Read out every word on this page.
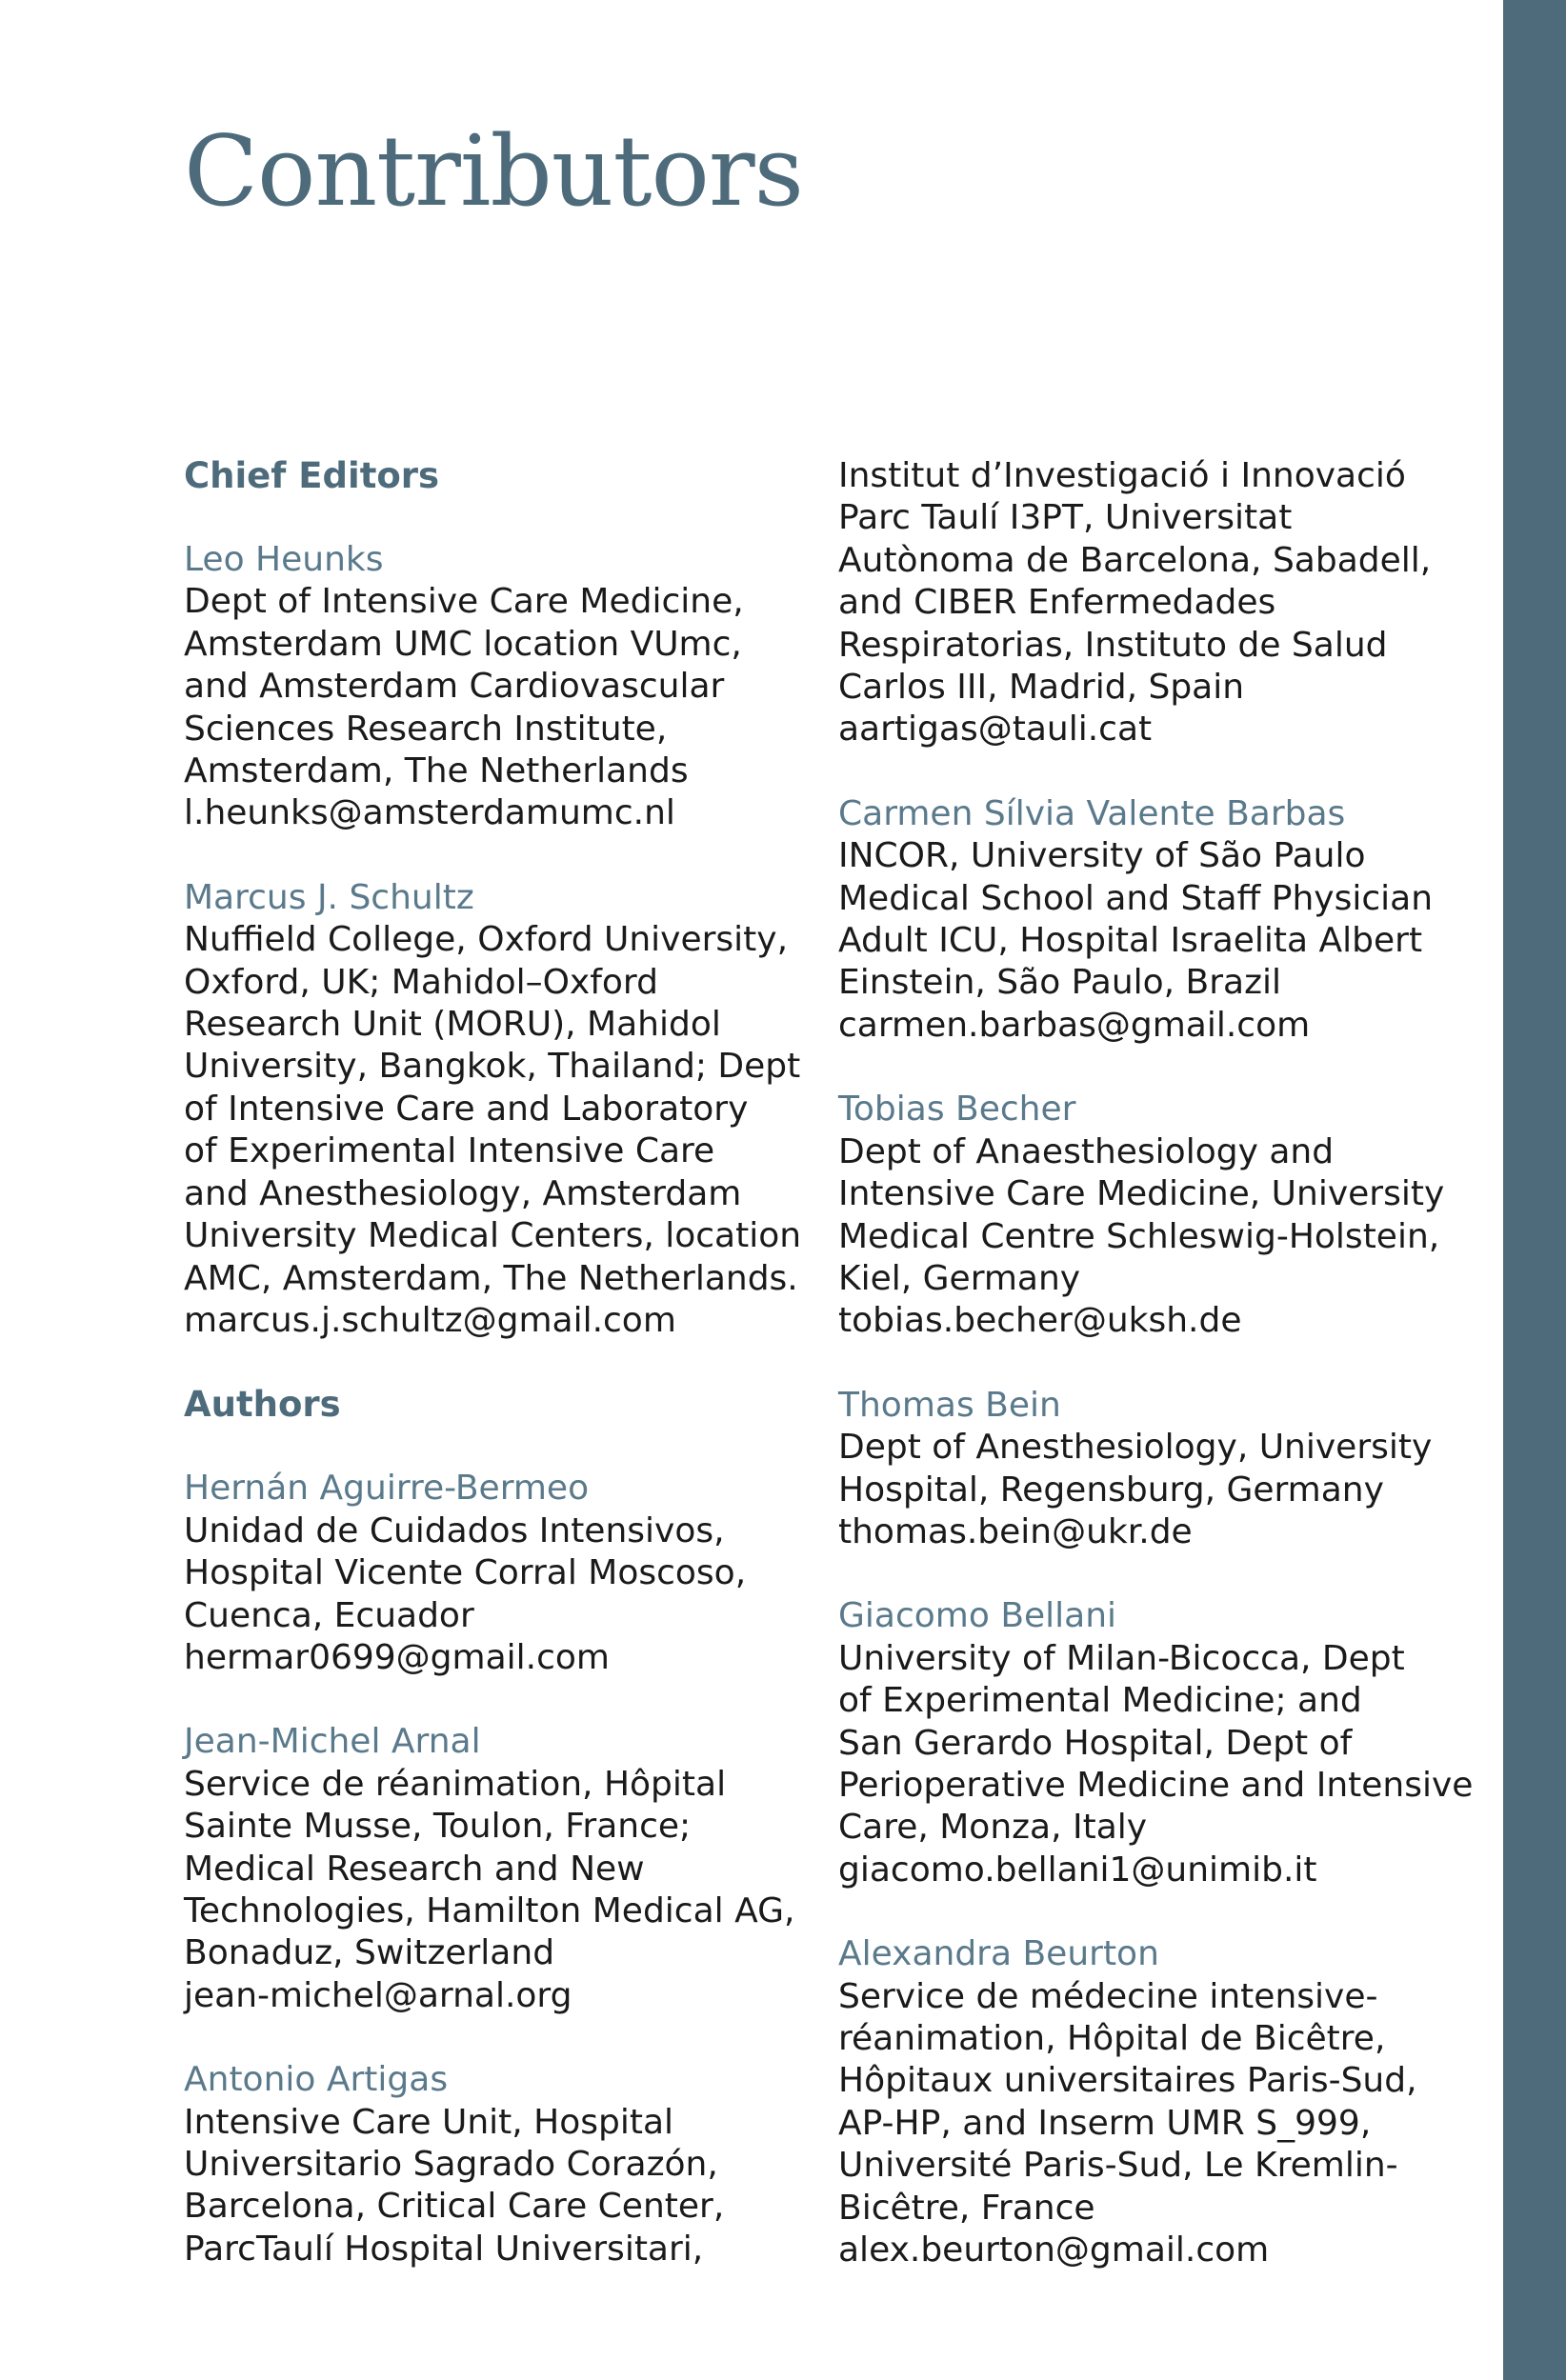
Contributors
Chief Editors
Leo Heunks
Dept of Intensive Care Medicine,
Amsterdam UMC location VUmc,
and Amsterdam Cardiovascular
Sciences Research Institute,
Amsterdam, The Netherlands
l.heunks@amsterdamumc.nl
Marcus J. Schultz
Nuffield College, Oxford University,
Oxford, UK; Mahidol–Oxford
Research Unit (MORU), Mahidol
University, Bangkok, Thailand; Dept
of Intensive Care and Laboratory
of Experimental Intensive Care
and Anesthesiology, Amsterdam
University Medical Centers, location
AMC, Amsterdam, The Netherlands.
marcus.j.schultz@gmail.com
Authors
Hernán Aguirre-Bermeo
Unidad de Cuidados Intensivos,
Hospital Vicente Corral Moscoso,
Cuenca, Ecuador
hermar0699@gmail.com
Jean-Michel Arnal
Service de réanimation, Hôpital
Sainte Musse, Toulon, France;
Medical Research and New
Technologies, Hamilton Medical AG,
Bonaduz, Switzerland
jean-michel@arnal.org
Antonio Artigas
Intensive Care Unit, Hospital
Universitario Sagrado Corazón,
Barcelona, Critical Care Center,
ParcTaulí Hospital Universitari,
Institut d’Investigació i Innovació
Parc Taulí I3PT, Universitat
Autònoma de Barcelona, Sabadell,
and CIBER Enfermedades
Respiratorias, Instituto de Salud
Carlos III, Madrid, Spain
aartigas@tauli.cat
Carmen Sílvia Valente Barbas
INCOR, University of São Paulo
Medical School and Staff Physician
Adult ICU, Hospital Israelita Albert
Einstein, São Paulo, Brazil
carmen.barbas@gmail.com
Tobias Becher
Dept of Anaesthesiology and
Intensive Care Medicine, University
Medical Centre Schleswig-Holstein,
Kiel, Germany
tobias.becher@uksh.de
Thomas Bein
Dept of Anesthesiology, University
Hospital, Regensburg, Germany
thomas.bein@ukr.de
Giacomo Bellani
University of Milan-Bicocca, Dept
of Experimental Medicine; and
San Gerardo Hospital, Dept of
Perioperative Medicine and Intensive
Care, Monza, Italy
giacomo.bellani1@unimib.it
Alexandra Beurton
Service de médecine intensive-
réanimation, Hôpital de Bicêtre,
Hôpitaux universitaires Paris-Sud,
AP-HP, and Inserm UMR S_999,
Université Paris-Sud, Le Kremlin-
Bicêtre, France
alex.beurton@gmail.com
